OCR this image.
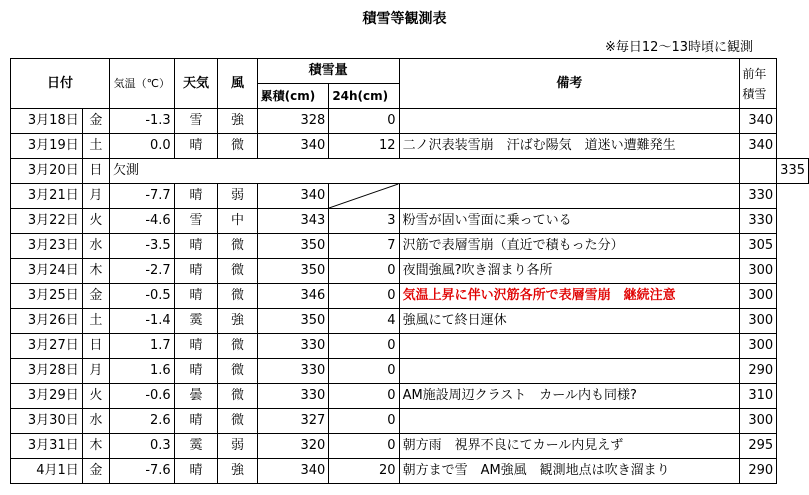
積雪等観測表
※毎日12～13時頃に観測
日付		気温（℃）	天気	風	積雪量		備考	前年
積雪	

					累積(cm)	24h(cm)			
3月18日	金	-1.3	雪	強	328	0		340	
3月19日	土	0.0	晴	微	340	12	二ノ沢表装雪崩　汗ばむ陽気　道迷い遭難発生	340	
3月20日	日	欠測							335
3月21日	月	-7.7	晴	弱	340			330	
3月22日	火	-4.6	雪	中	343	3	粉雪が固い雪面に乗っている	330	
3月23日	水	-3.5	晴	微	350	7	沢筋で表層雪崩（直近で積もった分）	305	
3月24日	木	-2.7	晴	微	350	0	夜間強風?吹き溜まり各所	300	
3月25日	金	-0.5	晴	微	346	0	気温上昇に伴い沢筋各所で表層雪崩　継続注意	300	
3月26日	土	-1.4	霙	強	350	4	強風にて終日運休	300	
3月27日	日	1.7	晴	微	330	0		300	
3月28日	月	1.6	晴	微	330	0		290	
3月29日	火	-0.6	曇	微	330	0	AM施設周辺クラスト　カール内も同様?	310	
3月30日	水	2.6	晴	微	327	0		300	
3月31日	木	0.3	霙	弱	320	0	朝方雨　視界不良にてカール内見えず	295	
4月1日	金	-7.6	晴	強	340	20	朝方まで雪　AM強風　観測地点は吹き溜まり	290	
